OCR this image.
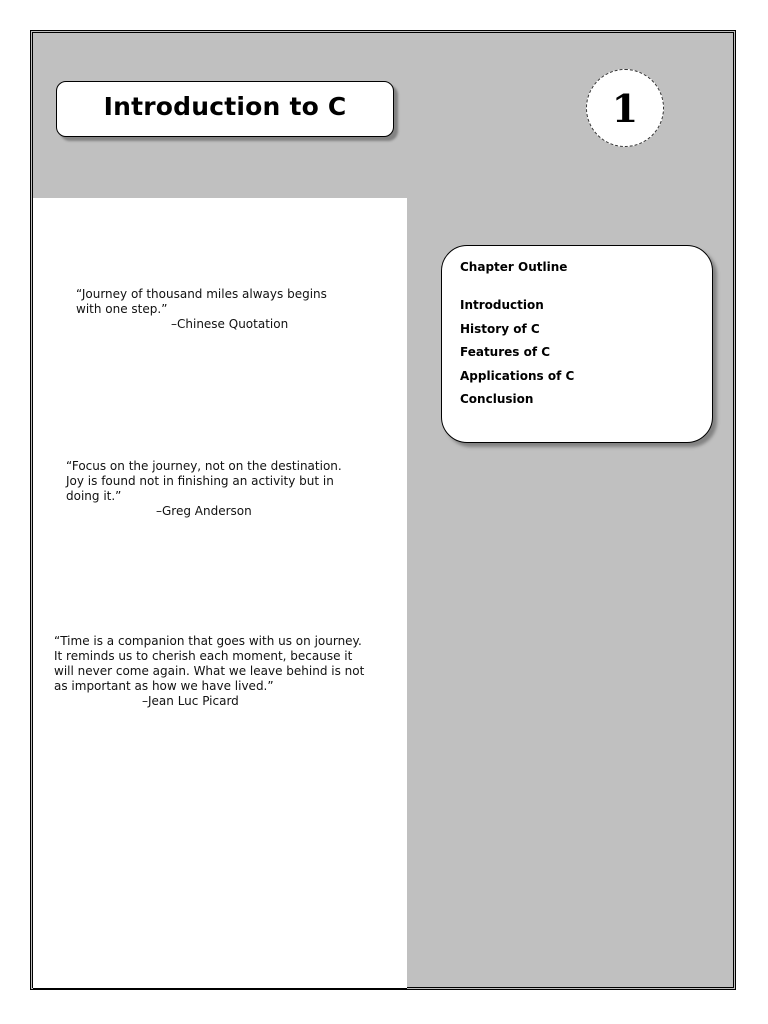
Introduction to C	1

“Journey of thousand miles always begins
with one step.”
–Chinese Quotation

“Focus on the journey, not on the destination.
Joy is found not in finishing an activity but in
doing it.”
–Greg Anderson

“Time is a companion that goes with us on journey.
It reminds us to cherish each moment, because it
will never come again. What we leave behind is not
as important as how we have lived.”
–Jean Luc Picard

Chapter Outline
Introduction
History of C
Features of C
Applications of C
Conclusion
